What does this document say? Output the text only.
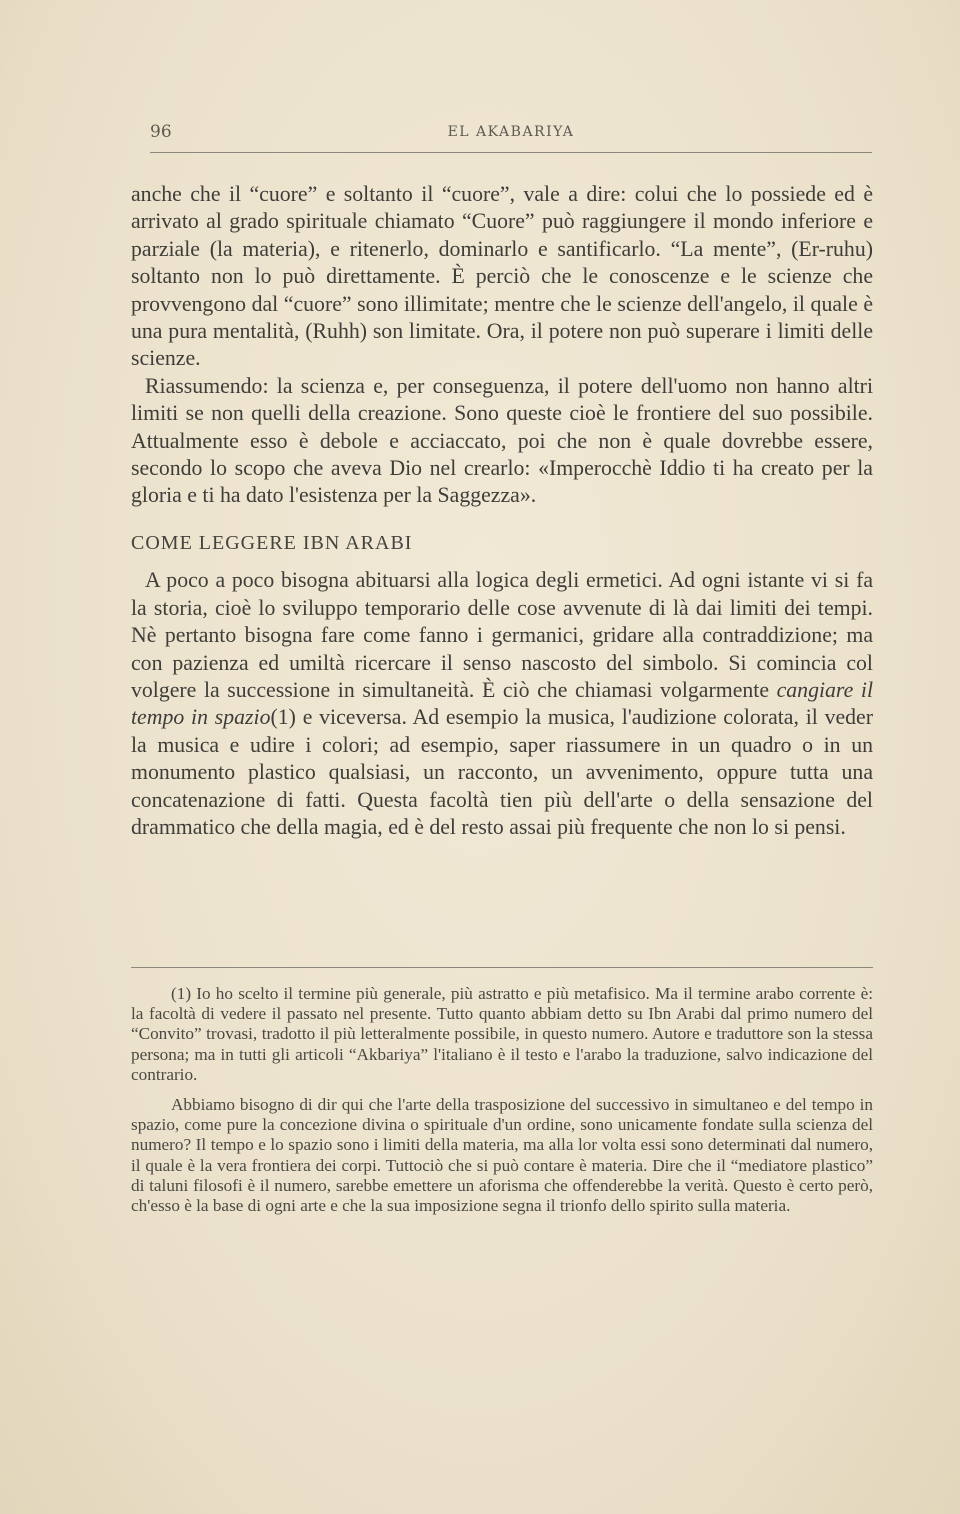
96	EL AKABARIYA

anche che il “cuore” e soltanto il “cuore”, vale a dire: colui che lo possiede ed è arrivato al grado spirituale chiamato “Cuore” può raggiungere il mondo inferiore e parziale (la materia), e ritenerlo, dominarlo e santificarlo. “La mente”, (Er-ruhu) soltanto non lo può direttamente. È perciò che le conoscenze e le scienze che provvengono dal “cuore” sono illimitate; mentre che le scienze dell'angelo, il quale è una pura mentalità, (Ruhh) son limitate. Ora, il potere non può superare i limiti delle scienze.

Riassumendo: la scienza e, per conseguenza, il potere dell'uomo non hanno altri limiti se non quelli della creazione. Sono queste cioè le frontiere del suo possibile. Attualmente esso è debole e acciaccato, poi che non è quale dovrebbe essere, secondo lo scopo che aveva Dio nel crearlo: «Imperocchè Iddio ti ha creato per la gloria e ti ha dato l'esistenza per la Saggezza».

COME LEGGERE IBN ARABI

A poco a poco bisogna abituarsi alla logica degli ermetici. Ad ogni istante vi si fa la storia, cioè lo sviluppo temporario delle cose avvenute di là dai limiti dei tempi. Nè pertanto bisogna fare come fanno i germanici, gridare alla contraddizione; ma con pazienza ed umiltà ricercare il senso nascosto del simbolo. Si comincia col volgere la successione in simultaneità. È ciò che chiamasi volgarmente cangiare il tempo in spazio(1) e viceversa. Ad esempio la musica, l'audizione colorata, il veder la musica e udire i colori; ad esempio, saper riassumere in un quadro o in un monumento plastico qualsiasi, un racconto, un avvenimento, oppure tutta una concatenazione di fatti. Questa facoltà tien più dell'arte o della sensazione del drammatico che della magia, ed è del resto assai più frequente che non lo si pensi.

(1) Io ho scelto il termine più generale, più astratto e più metafisico. Ma il termine arabo corrente è: la facoltà di vedere il passato nel presente. Tutto quanto abbiam detto su Ibn Arabi dal primo numero del “Convito” trovasi, tradotto il più letteralmente possibile, in questo numero. Autore e traduttore son la stessa persona; ma in tutti gli articoli “Akbariya” l'italiano è il testo e l'arabo la traduzione, salvo indicazione del contrario.

Abbiamo bisogno di dir qui che l'arte della trasposizione del successivo in simultaneo e del tempo in spazio, come pure la concezione divina o spirituale d'un ordine, sono unicamente fondate sulla scienza del numero? Il tempo e lo spazio sono i limiti della materia, ma alla lor volta essi sono determinati dal numero, il quale è la vera frontiera dei corpi. Tuttociò che si può contare è materia. Dire che il “mediatore plastico” di taluni filosofi è il numero, sarebbe emettere un aforisma che offenderebbe la verità. Questo è certo però, ch'esso è la base di ogni arte e che la sua imposizione segna il trionfo dello spirito sulla materia.
